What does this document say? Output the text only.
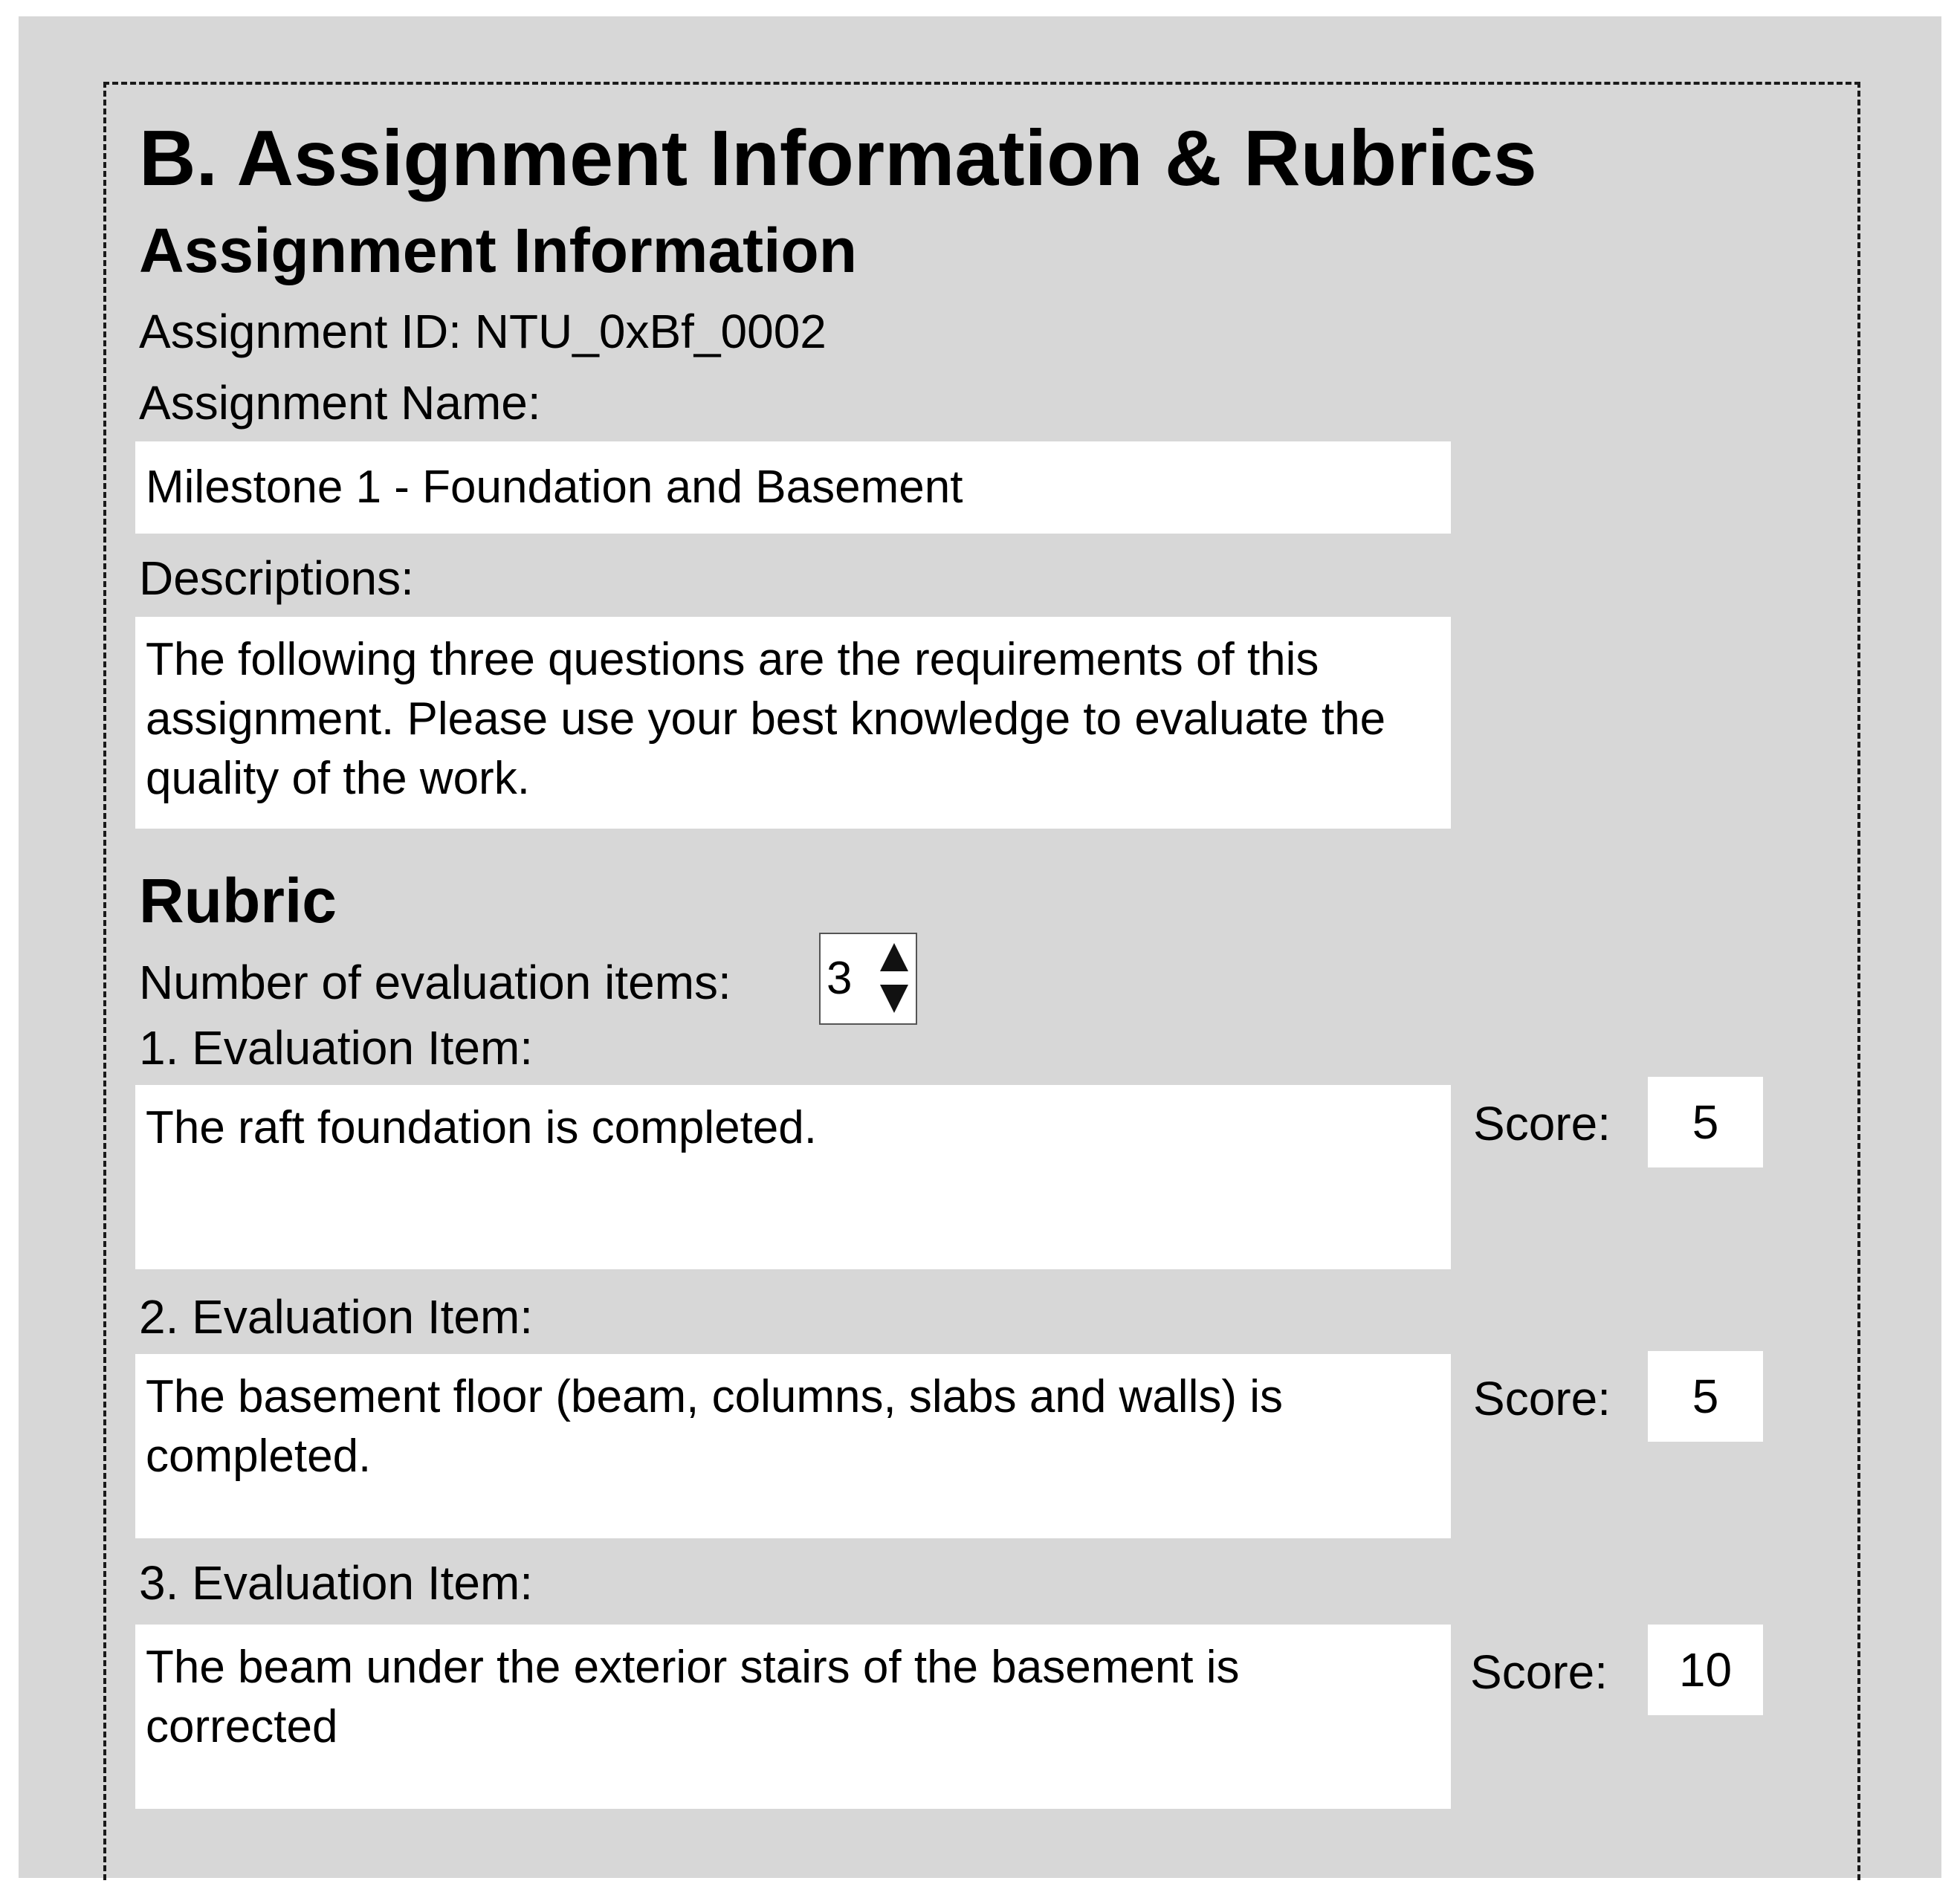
B. Assignment Information & Rubrics
Assignment Information
Assignment ID: NTU_0xBf_0002
Assignment Name:
Milestone 1 - Foundation and Basement
Descriptions:
The following three questions are the requirements of this assignment. Please use your best knowledge to evaluate the quality of the work.
Rubric
Number of evaluation items: 3
1. Evaluation Item:
The raft foundation is completed.	Score:	5
2. Evaluation Item:
The basement floor (beam, columns, slabs and walls) is completed.
Score:	5
3. Evaluation Item:
The beam under the exterior stairs of the basement is corrected
Score:	10
